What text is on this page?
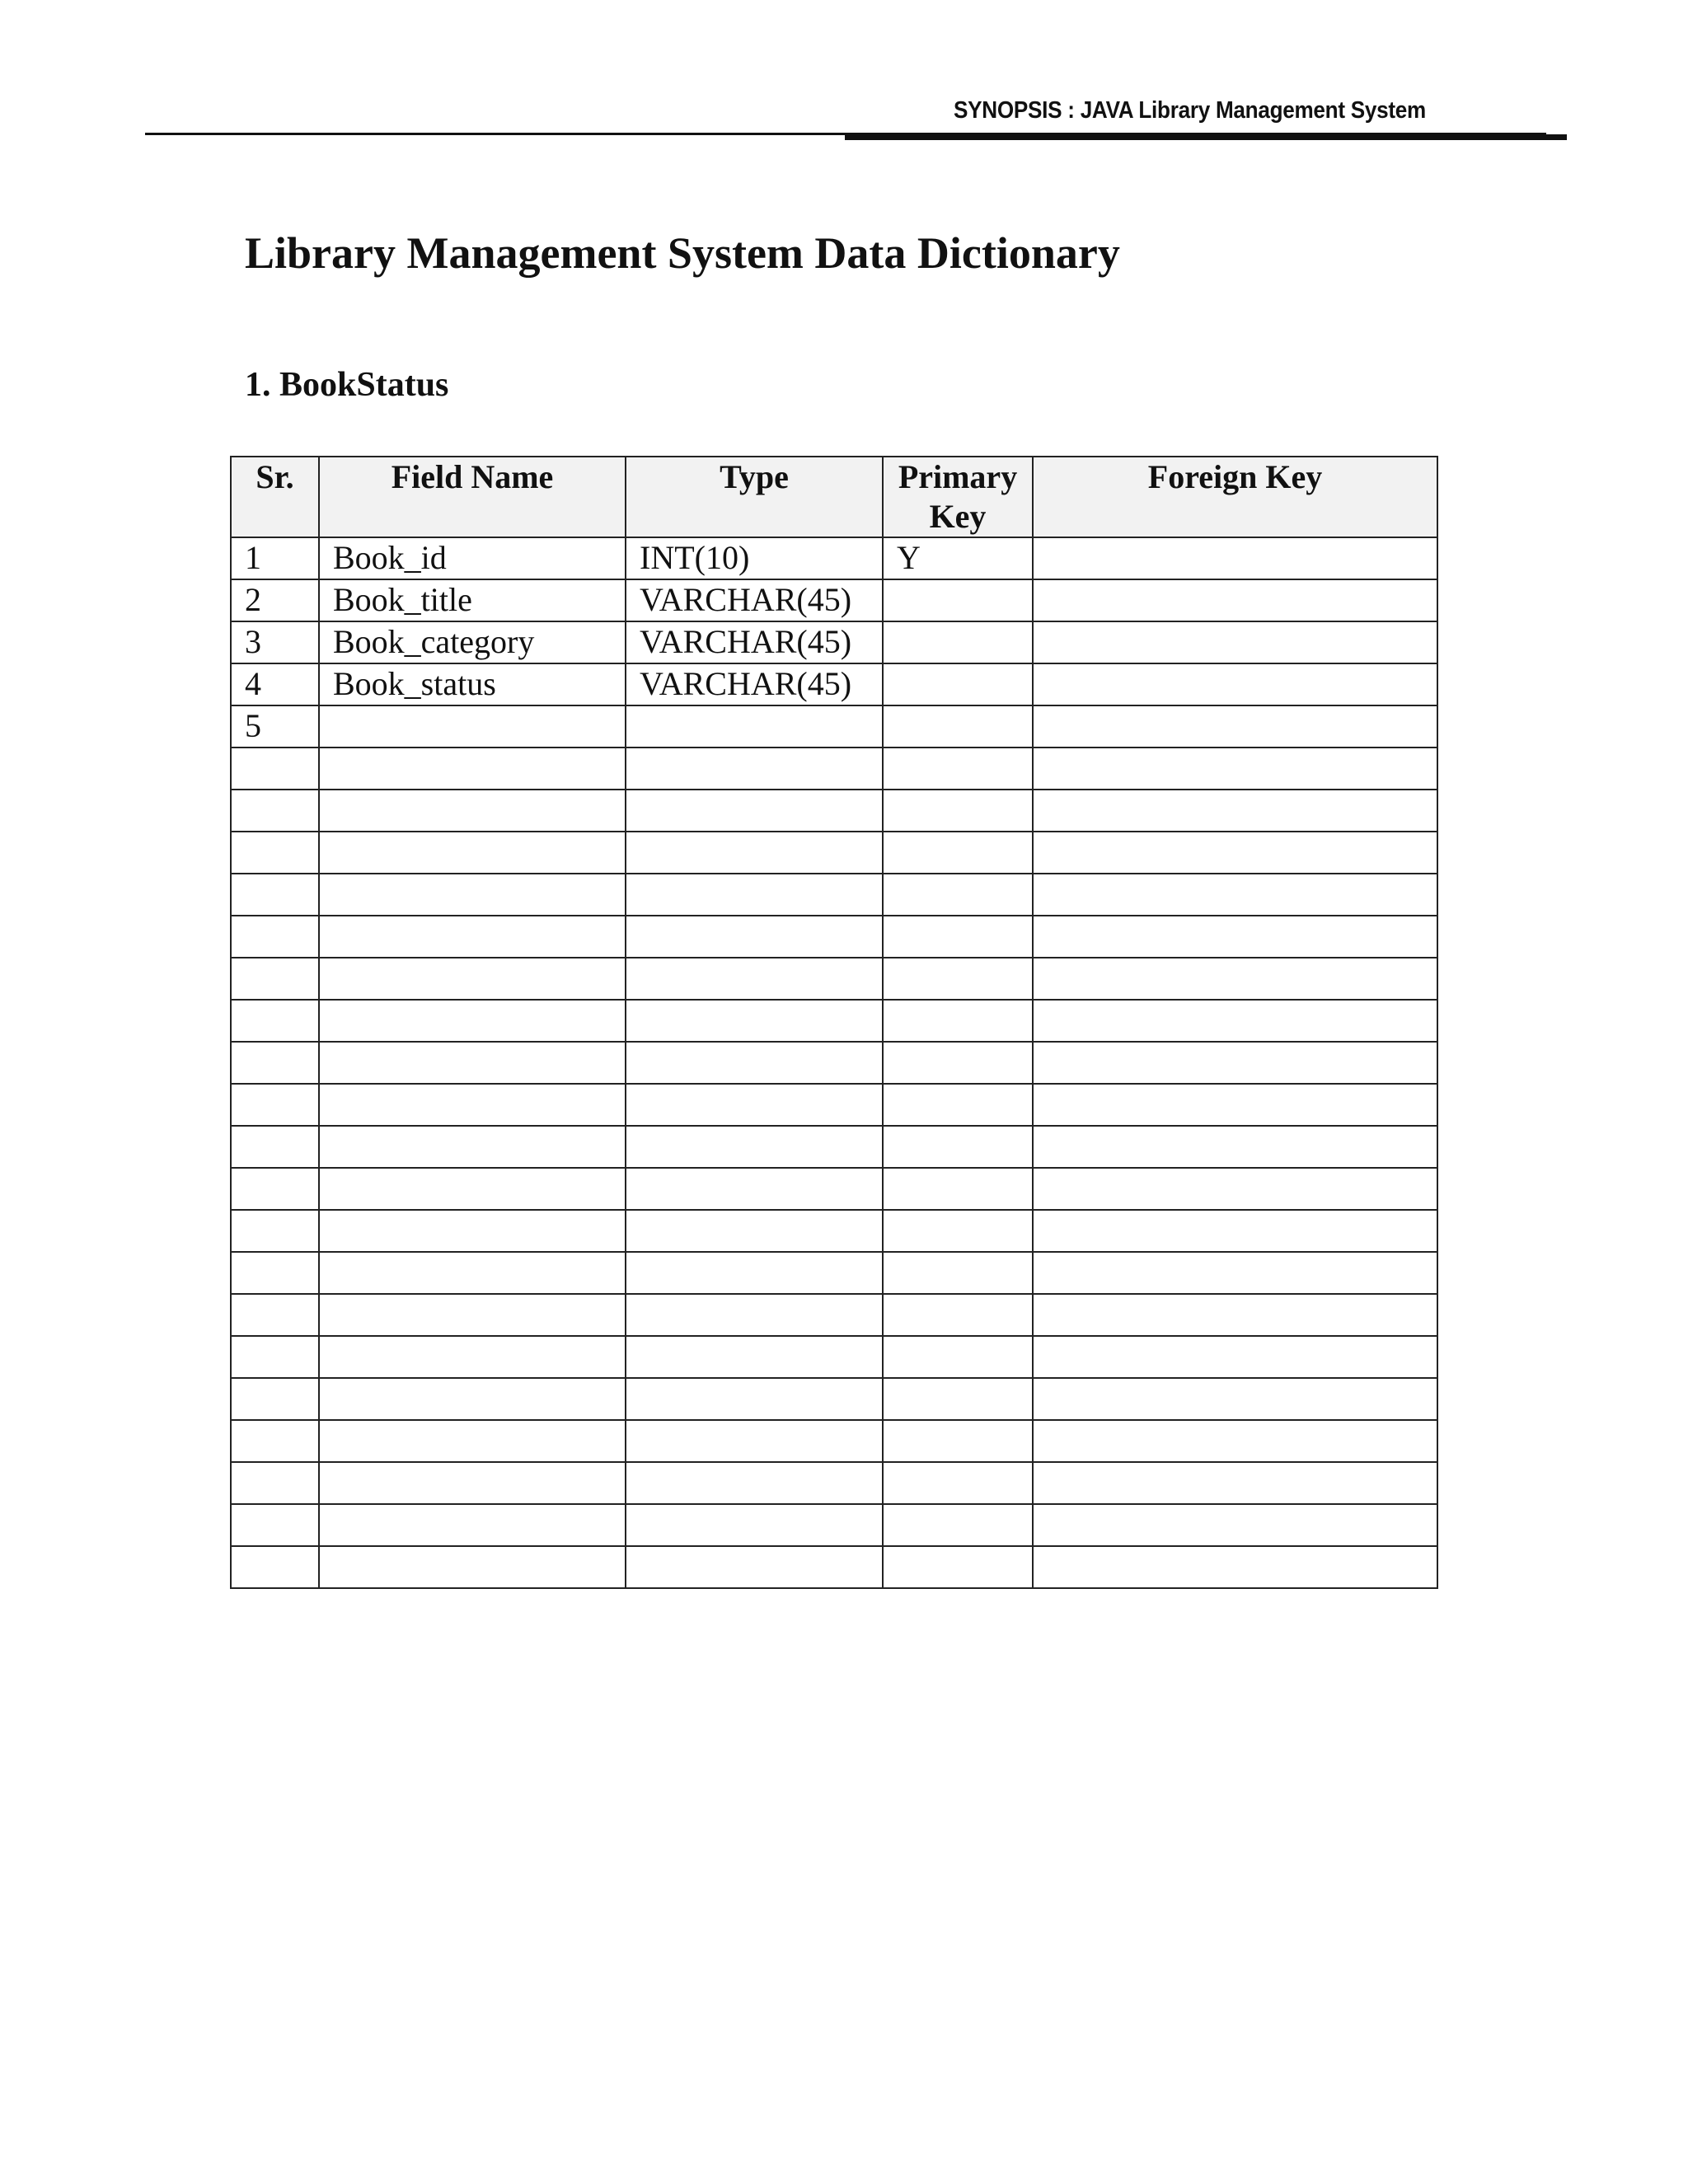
SYNOPSIS : JAVA Library Management System
Library Management System Data Dictionary
1. BookStatus
Sr.	Field Name	Type	Primary Key	Foreign Key
1	Book_id	INT(10)	Y	
2	Book_title	VARCHAR(45)		
3	Book_category	VARCHAR(45)		
4	Book_status	VARCHAR(45)		
5				
